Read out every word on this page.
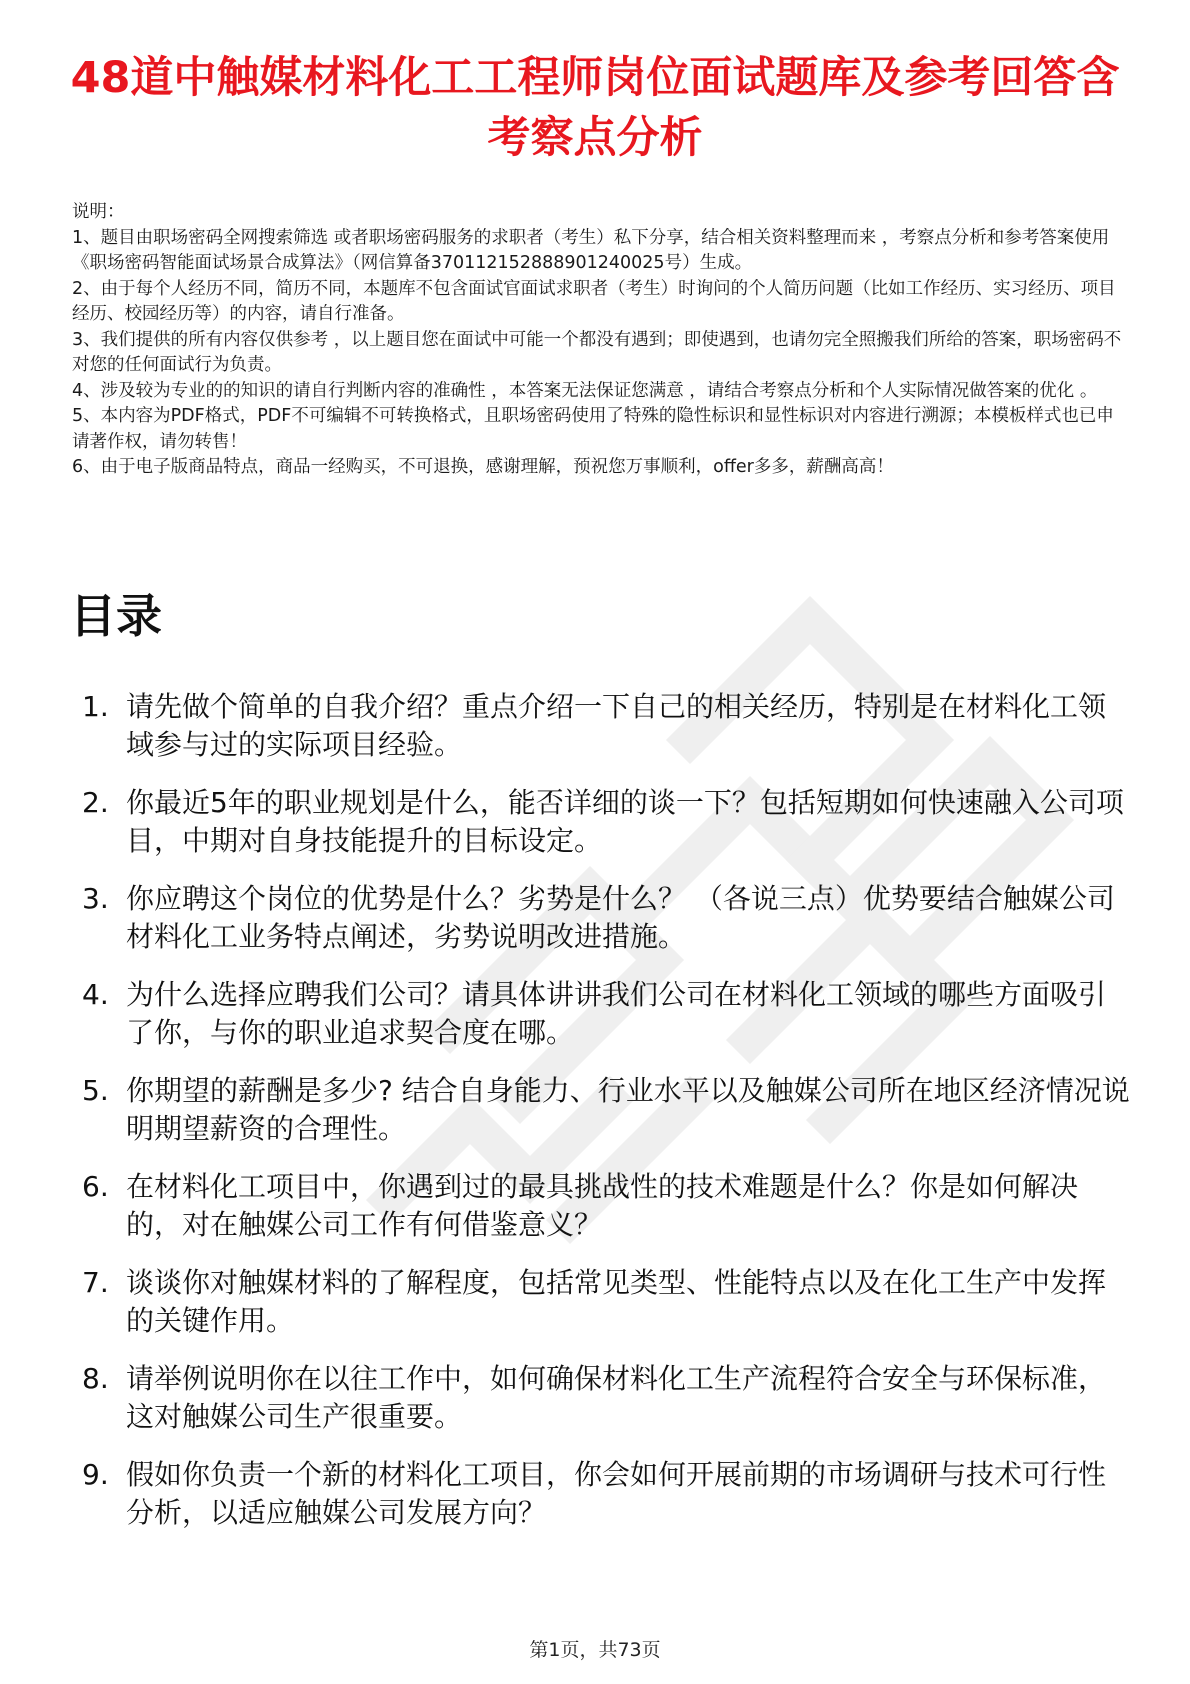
48道中触媒材料化工工程师岗位面试题库及参考回答含考察点分析
说明：
1、题目由职场密码全网搜索筛选 或者职场密码服务的求职者（考生）私下分享，结合相关资料整理而来 ，考察点分析和参考答案使用《职场密码智能面试场景合成算法》（网信算备370112152888901240025号）生成。
2、由于每个人经历不同，简历不同，本题库不包含面试官面试求职者（考生）时询问的个人简历问题（比如工作经历、实习经历、项目经历、校园经历等）的内容，请自行准备。
3、我们提供的所有内容仅供参考 ，以上题目您在面试中可能一个都没有遇到；即使遇到，也请勿完全照搬我们所给的答案，职场密码不对您的任何面试行为负责。
4、涉及较为专业的的知识的请自行判断内容的准确性 ，本答案无法保证您满意 ，请结合考察点分析和个人实际情况做答案的优化 。
5、本内容为PDF格式，PDF不可编辑不可转换格式，且职场密码使用了特殊的隐性标识和显性标识对内容进行溯源；本模板样式也已申请著作权，请勿转售！
6、由于电子版商品特点，商品一经购买，不可退换，感谢理解，预祝您万事顺利，offer多多，薪酬高高！
目录
1. 请先做个简单的自我介绍？重点介绍一下自己的相关经历，特别是在材料化工领域参与过的实际项目经验。
2. 你最近5年的职业规划是什么，能否详细的谈一下？包括短期如何快速融入公司项目，中期对自身技能提升的目标设定。
3. 你应聘这个岗位的优势是什么？劣势是什么？ （各说三点）优势要结合触媒公司材料化工业务特点阐述，劣势说明改进措施。
4. 为什么选择应聘我们公司？请具体讲讲我们公司在材料化工领域的哪些方面吸引了你，与你的职业追求契合度在哪。
5. 你期望的薪酬是多少? 结合自身能力、行业水平以及触媒公司所在地区经济情况说明期望薪资的合理性。
6. 在材料化工项目中，你遇到过的最具挑战性的技术难题是什么？你是如何解决的，对在触媒公司工作有何借鉴意义？
7. 谈谈你对触媒材料的了解程度，包括常见类型、性能特点以及在化工生产中发挥的关键作用。
8. 请举例说明你在以往工作中，如何确保材料化工生产流程符合安全与环保标准，这对触媒公司生产很重要。
9. 假如你负责一个新的材料化工项目，你会如何开展前期的市场调研与技术可行性分析，以适应触媒公司发展方向？
第1页，共73页
